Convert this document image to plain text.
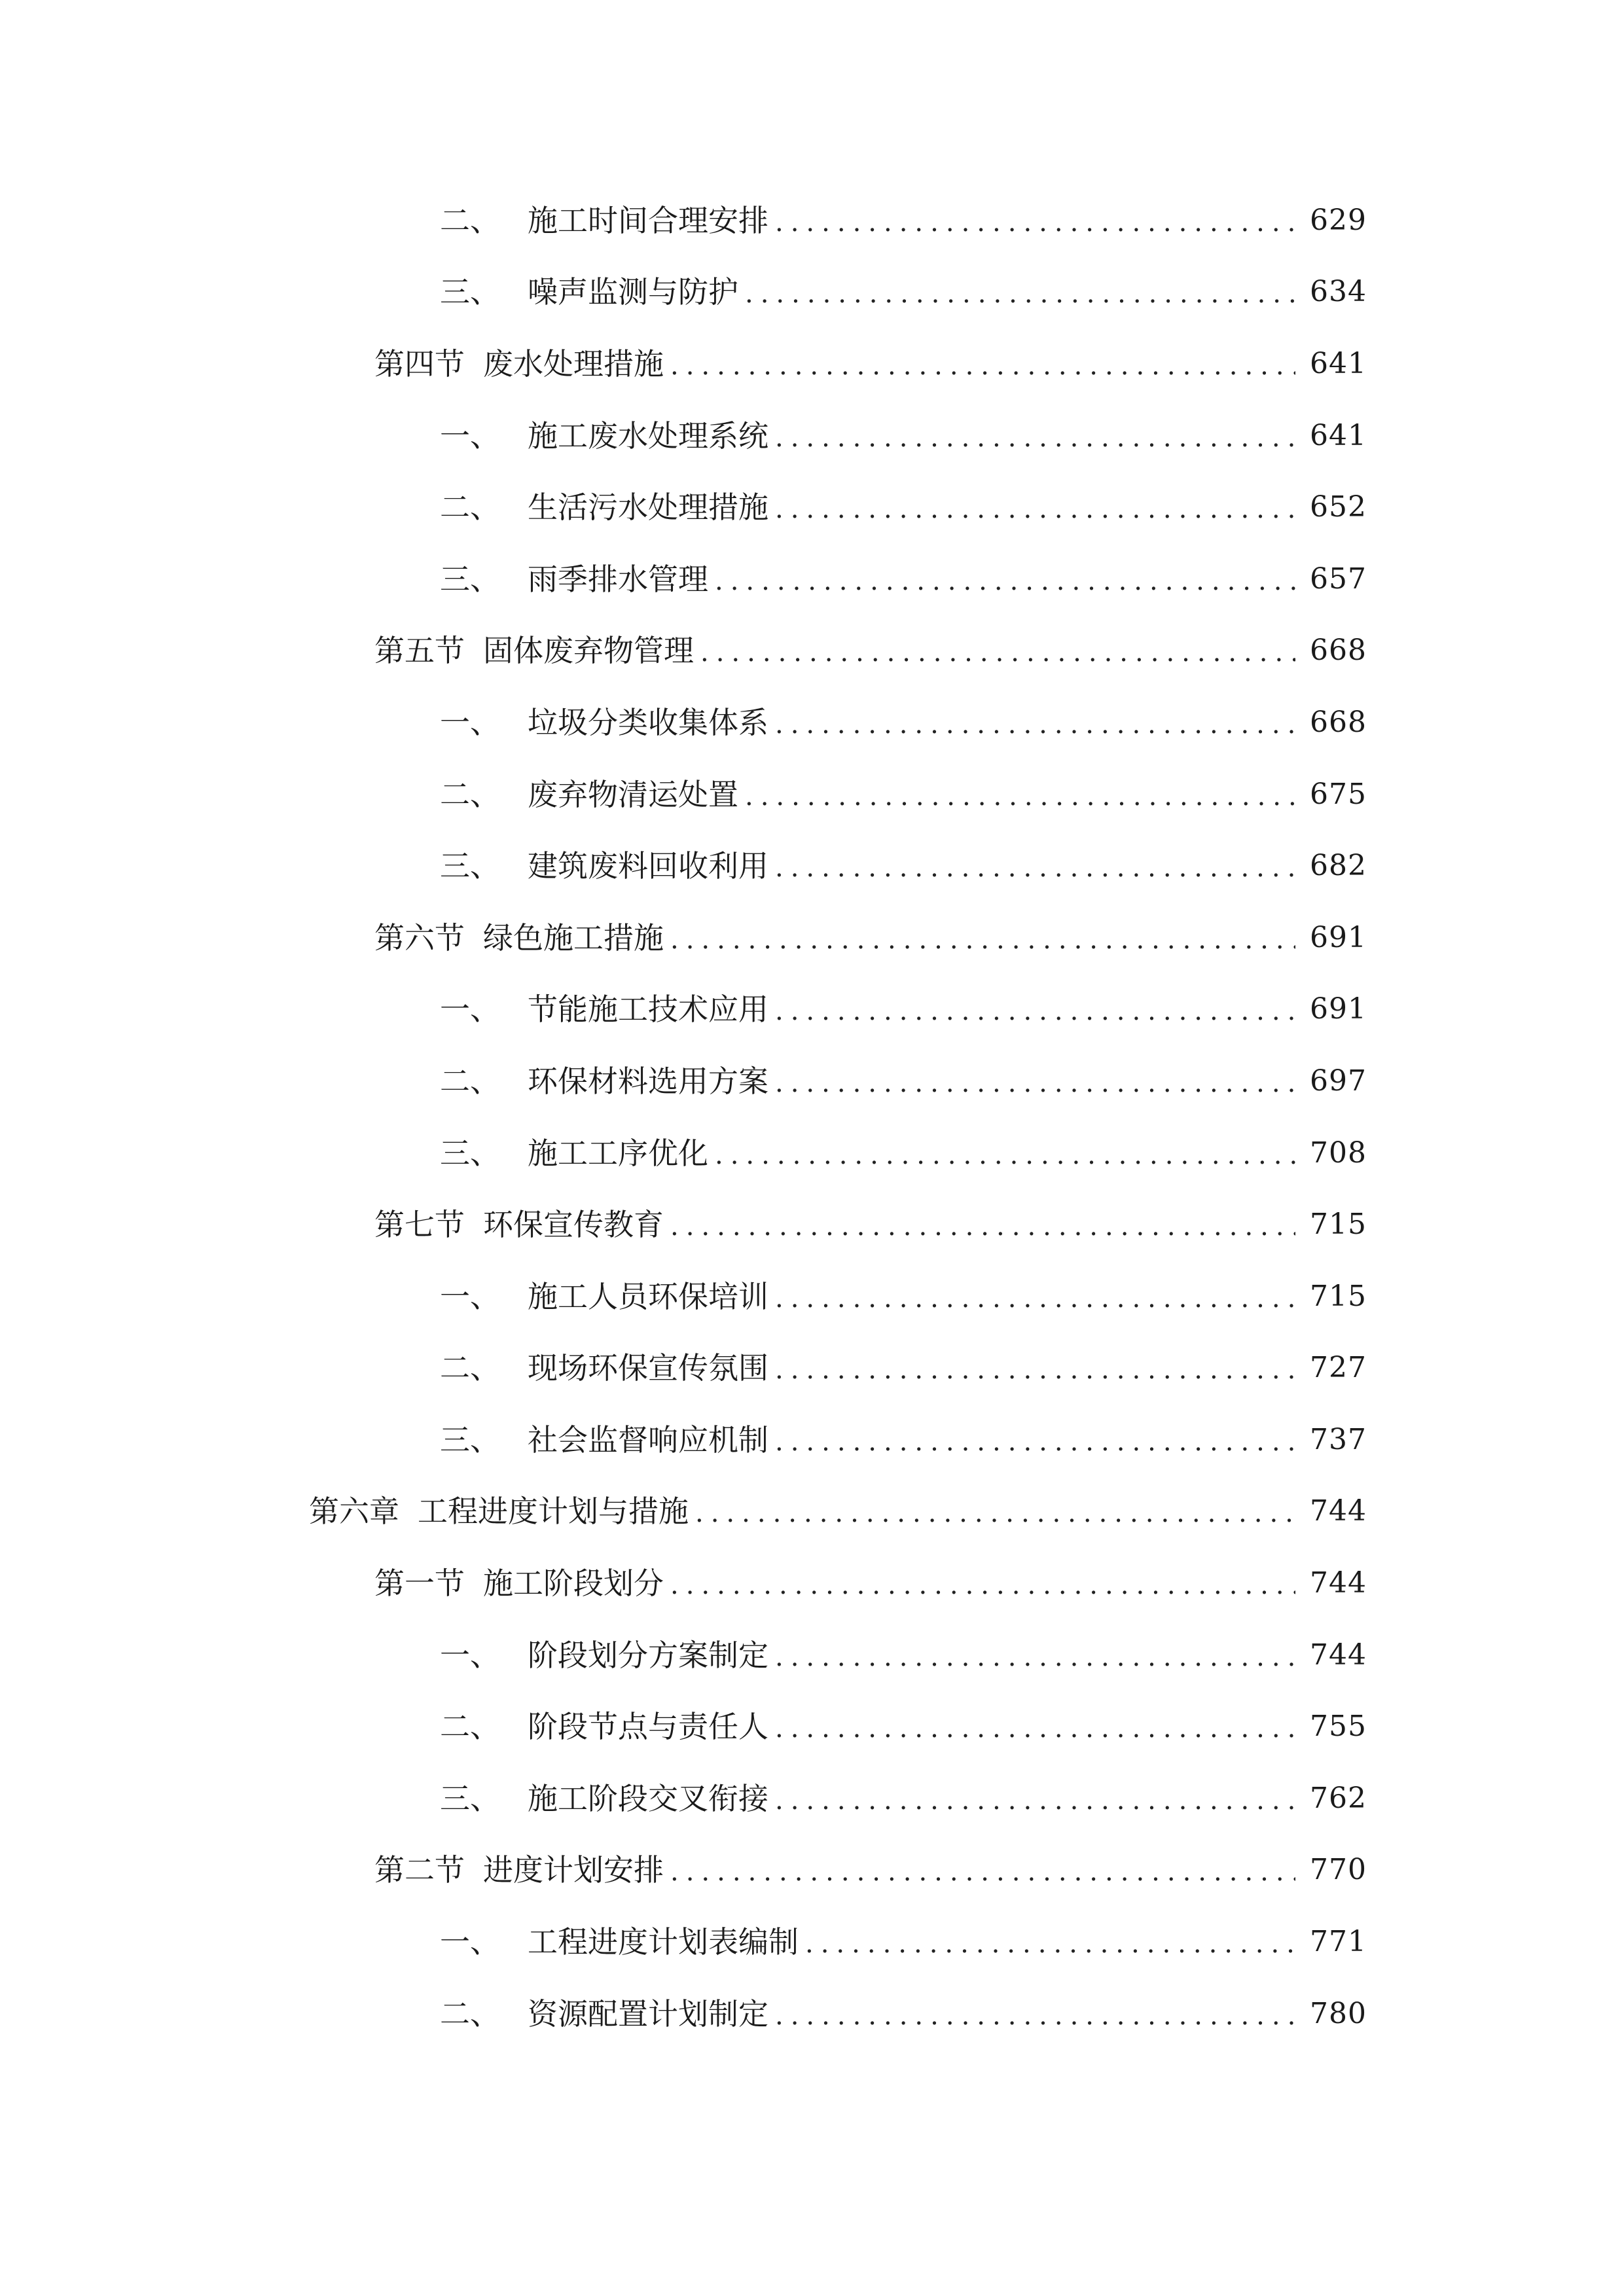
二、 施工时间合理安排 .....	629
三、 噪声监测与防护 .....	634
第四节 废水处理措施 .....	641
一、 施工废水处理系统 .....	641
二、 生活污水处理措施 .....	652
三、 雨季排水管理 .....	657
第五节 固体废弃物管理 .....	668
一、 垃圾分类收集体系 .....	668
二、 废弃物清运处置 .....	675
三、 建筑废料回收利用 .....	682
第六节 绿色施工措施 .....	691
一、 节能施工技术应用 .....	691
二、 环保材料选用方案 .....	697
三、 施工工序优化 .....	708
第七节 环保宣传教育 .....	715
一、 施工人员环保培训 .....	715
二、 现场环保宣传氛围 .....	727
三、 社会监督响应机制 .....	737
第六章 工程进度计划与措施 .....	744
第一节 施工阶段划分 .....	744
一、 阶段划分方案制定 .....	744
二、 阶段节点与责任人 .....	755
三、 施工阶段交叉衔接 .....	762
第二节 进度计划安排 .....	770
一、 工程进度计划表编制 .....	771
二、 资源配置计划制定 .....	780
